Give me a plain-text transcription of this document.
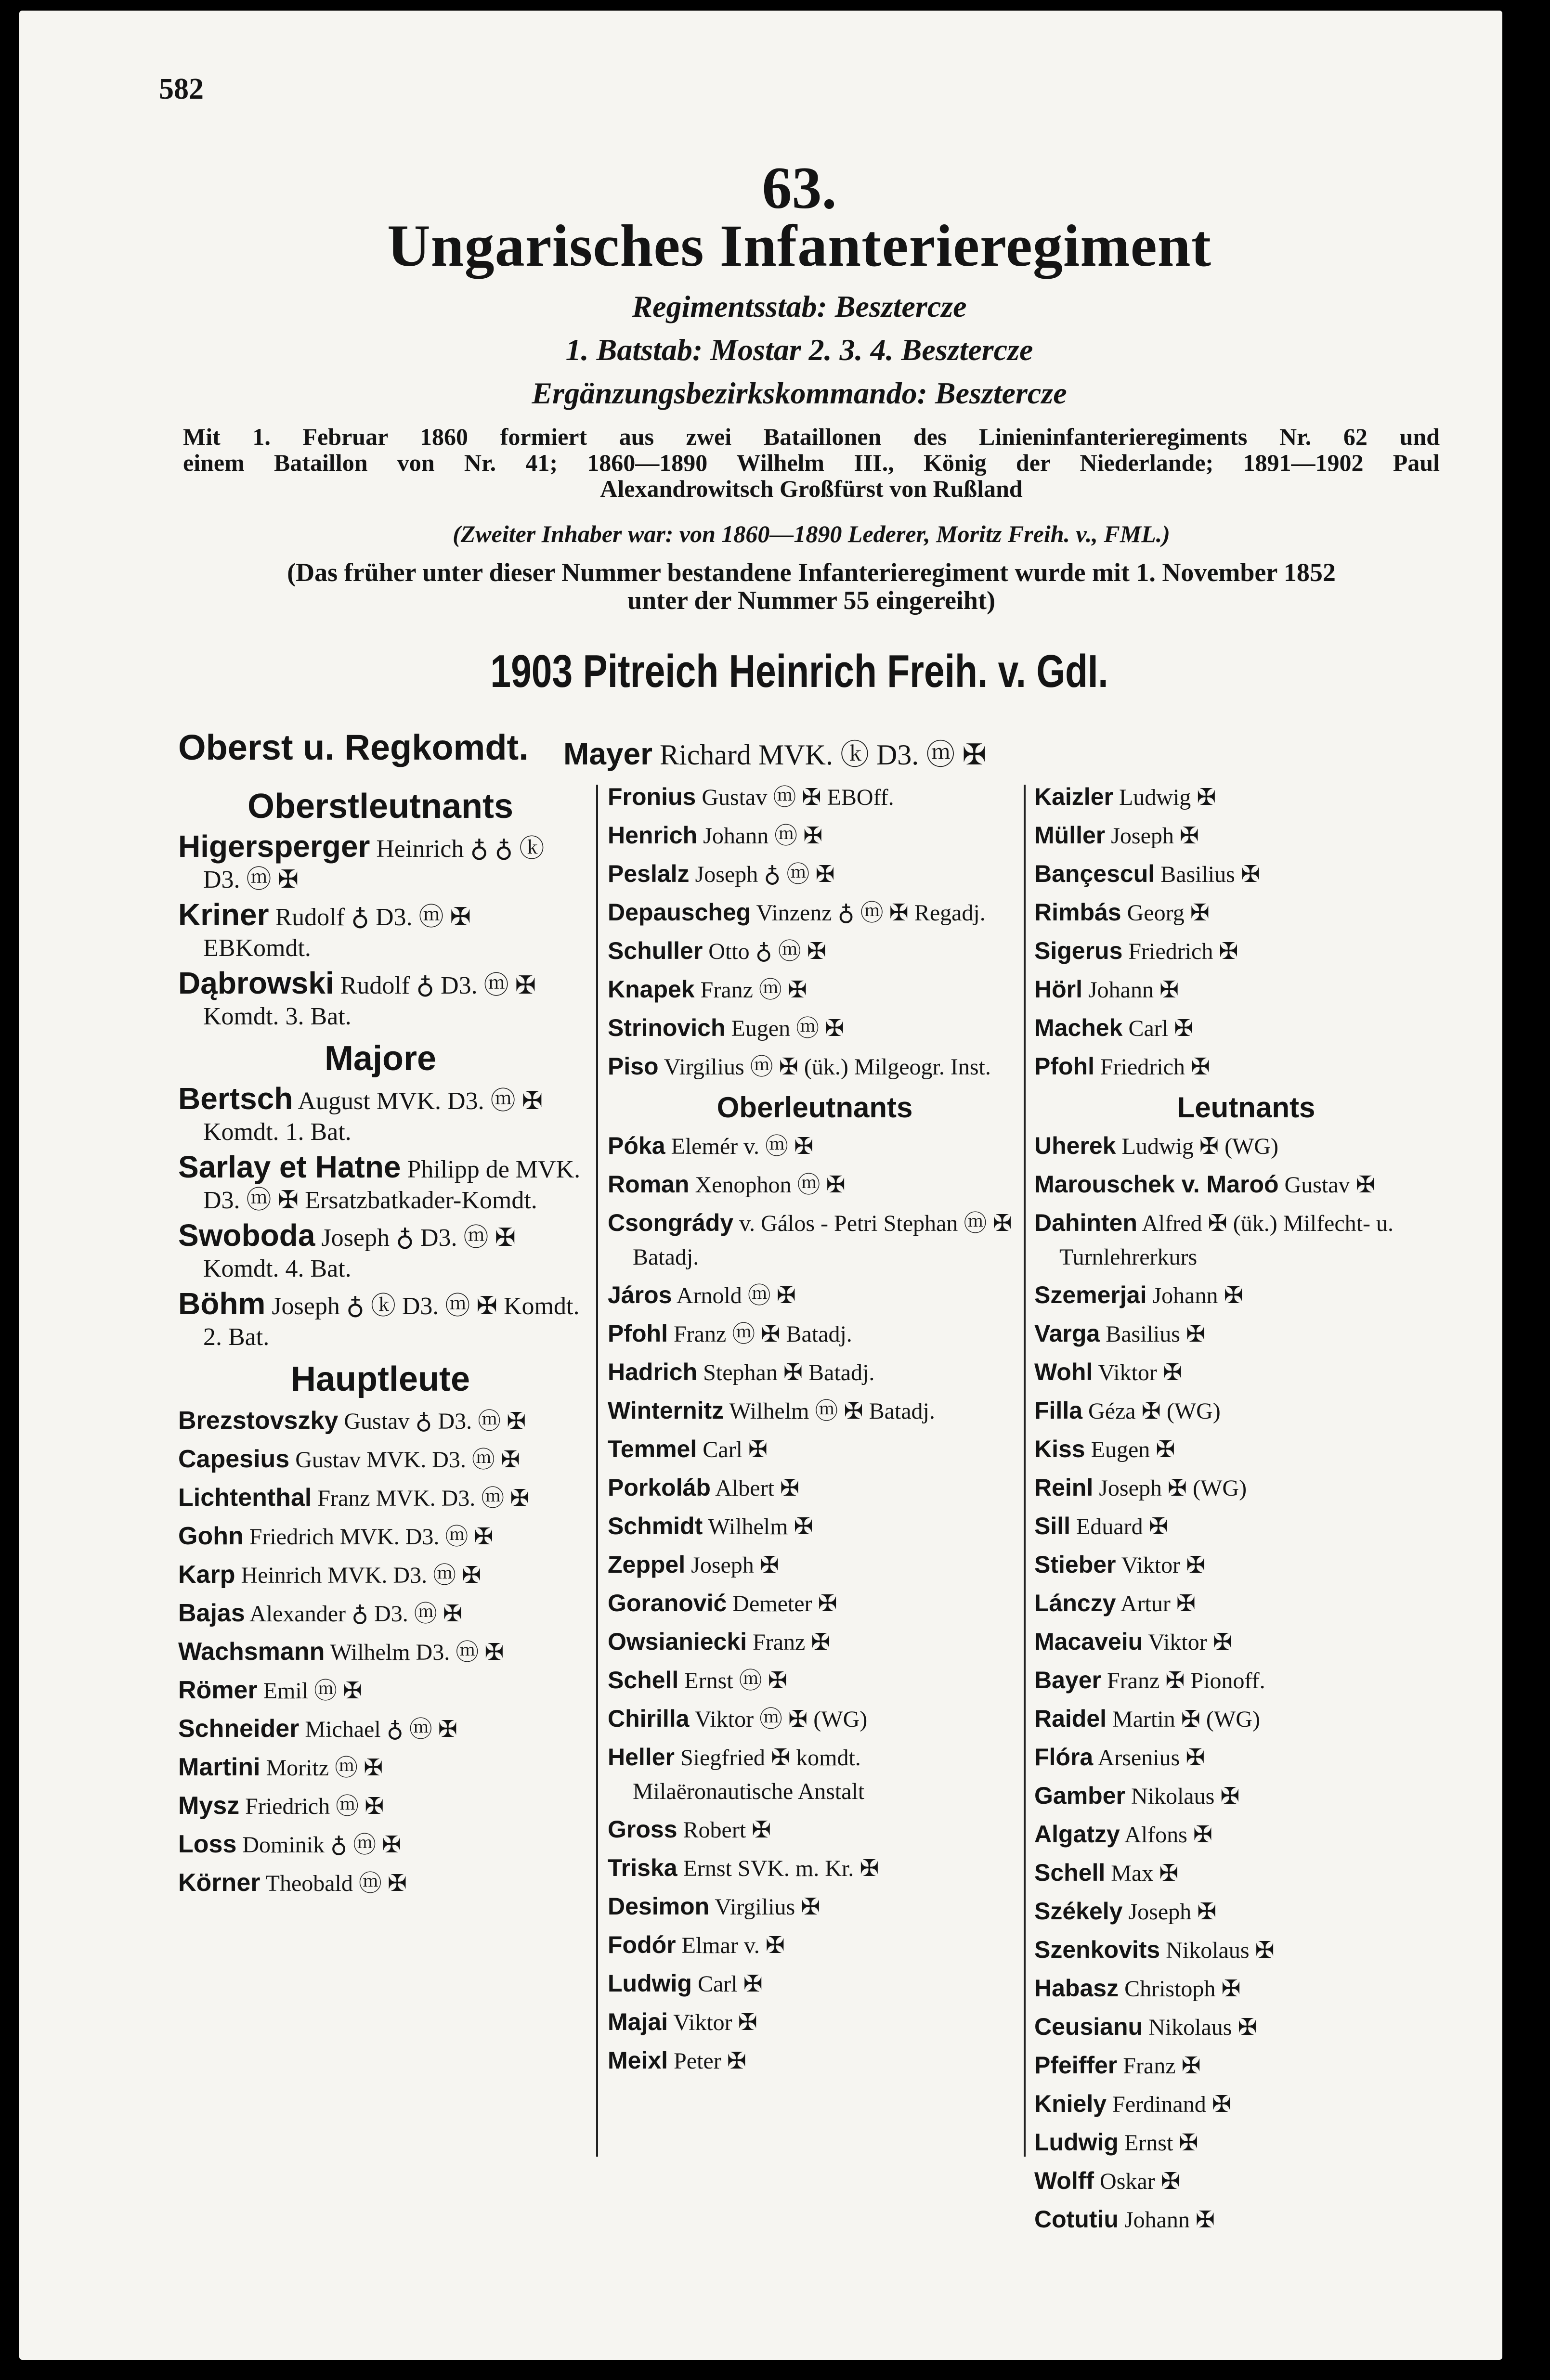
582
63.
Ungarisches Infanterieregiment
Regimentsstab: Besztercze
1. Batstab: Mostar 2. 3. 4. Besztercze
Ergänzungsbezirkskommando: Besztercze
Mit 1. Februar 1860 formiert aus zwei Bataillonen des Linieninfanterieregiments Nr. 62 und
einem Bataillon von Nr. 41; 1860—1890 Wilhelm III., König der Niederlande; 1891—1902 Paul
Alexandrowitsch Großfürst von Rußland
(Zweiter Inhaber war: von 1860—1890 Lederer, Moritz Freih. v., FML.)
(Das früher unter dieser Nummer bestandene Infanterieregiment wurde mit 1. November 1852
unter der Nummer 55 eingereiht)
1903 Pitreich Heinrich Freih. v. GdI.
Oberst u. Regkomdt. Mayer Richard MVK. ⓚ D3. ⓜ ✠
Oberstleutnants
Higersperger Heinrich ♁ ♁ ⓚ D3. ⓜ ✠
Kriner Rudolf ♁ D3. ⓜ ✠ EBKomdt.
Dąbrowski Rudolf ♁ D3. ⓜ ✠ Komdt. 3. Bat.
Majore
Bertsch August MVK. D3. ⓜ ✠ Komdt. 1. Bat.
Sarlay et Hatne Philipp de MVK. D3. ⓜ ✠ Ersatzbatkader-Komdt.
Swoboda Joseph ♁ D3. ⓜ ✠ Komdt. 4. Bat.
Böhm Joseph ♁ ⓚ D3. ⓜ ✠ Komdt. 2. Bat.
Hauptleute
Brezstovszky Gustav ♁ D3. ⓜ ✠
Capesius Gustav MVK. D3. ⓜ ✠
Lichtenthal Franz MVK. D3. ⓜ ✠
Gohn Friedrich MVK. D3. ⓜ ✠
Karp Heinrich MVK. D3. ⓜ ✠
Bajas Alexander ♁ D3. ⓜ ✠
Wachsmann Wilhelm D3. ⓜ ✠
Römer Emil ⓜ ✠
Schneider Michael ♁ ⓜ ✠
Martini Moritz ⓜ ✠
Mysz Friedrich ⓜ ✠
Loss Dominik ♁ ⓜ ✠
Körner Theobald ⓜ ✠
Fronius Gustav ⓜ ✠ EBOff.
Henrich Johann ⓜ ✠
Peslalz Joseph ♁ ⓜ ✠
Depauscheg Vinzenz ♁ ⓜ ✠ Regadj.
Schuller Otto ♁ ⓜ ✠
Knapek Franz ⓜ ✠
Strinovich Eugen ⓜ ✠
Piso Virgilius ⓜ ✠ (ük.) Milgeogr. Inst.
Oberleutnants
Póka Elemér v. ⓜ ✠
Roman Xenophon ⓜ ✠
Csongrády v. Gálos - Petri Stephan ⓜ ✠ Batadj.
Járos Arnold ⓜ ✠
Pfohl Franz ⓜ ✠ Batadj.
Hadrich Stephan ✠ Batadj.
Winternitz Wilhelm ⓜ ✠ Batadj.
Temmel Carl ✠
Porkoláb Albert ✠
Schmidt Wilhelm ✠
Zeppel Joseph ✠
Goranović Demeter ✠
Owsianiecki Franz ✠
Schell Ernst ⓜ ✠
Chirilla Viktor ⓜ ✠ (WG)
Heller Siegfried ✠ komdt. Milaëronautische Anstalt
Gross Robert ✠
Triska Ernst SVK. m. Kr. ✠
Desimon Virgilius ✠
Fodór Elmar v. ✠
Ludwig Carl ✠
Majai Viktor ✠
Meixl Peter ✠
Kaizler Ludwig ✠
Müller Joseph ✠
Bançescul Basilius ✠
Rimbás Georg ✠
Sigerus Friedrich ✠
Hörl Johann ✠
Machek Carl ✠
Pfohl Friedrich ✠
Leutnants
Uherek Ludwig ✠ (WG)
Marouschek v. Maroó Gustav ✠
Dahinten Alfred ✠ (ük.) Milfecht- u. Turnlehrerkurs
Szemerjai Johann ✠
Varga Basilius ✠
Wohl Viktor ✠
Filla Géza ✠ (WG)
Kiss Eugen ✠
Reinl Joseph ✠ (WG)
Sill Eduard ✠
Stieber Viktor ✠
Lánczy Artur ✠
Macaveiu Viktor ✠
Bayer Franz ✠ Pionoff.
Raidel Martin ✠ (WG)
Flóra Arsenius ✠
Gamber Nikolaus ✠
Algatzy Alfons ✠
Schell Max ✠
Székely Joseph ✠
Szenkovits Nikolaus ✠
Habasz Christoph ✠
Ceusianu Nikolaus ✠
Pfeiffer Franz ✠
Kniely Ferdinand ✠
Ludwig Ernst ✠
Wolff Oskar ✠
Cotutiu Johann ✠
